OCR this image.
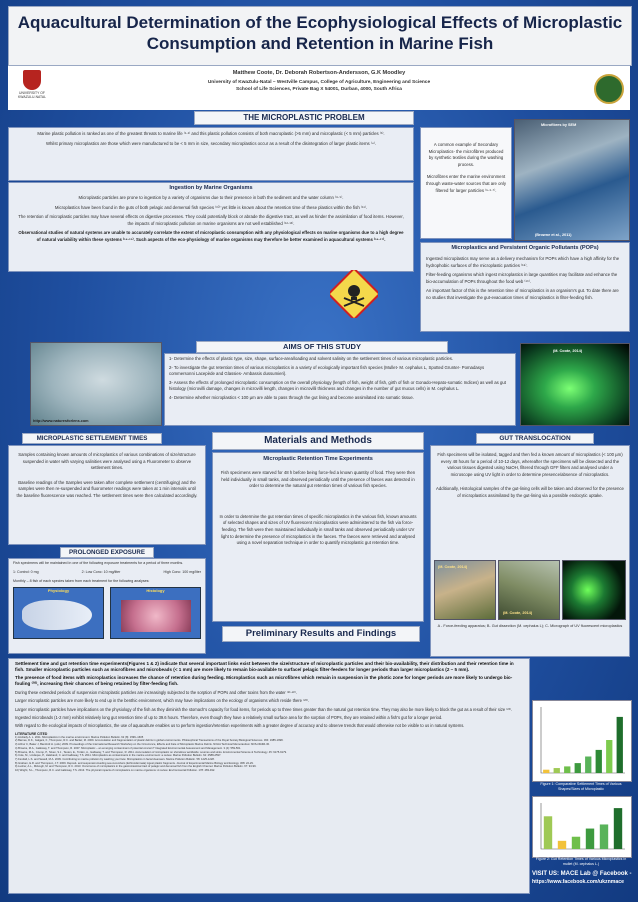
Aquacultural Determination of the Ecophysiological Effects of Microplastic Consumption and Retention in Marine Fish
UNIVERSITY OF KWAZULU-NATAL
Matthew Coote, Dr. Deborah Robertson-Andersson, G.K Moodley
University of KwaZulu-Natal – Westville Campus, College of Agriculture, Engineering and Science
School of Life Sciences, Private Bag X 54001, Durban, 4000, South Africa
THE MICROPLASTIC PROBLEM

Marine plastic pollution is ranked as one of the greatest threats to marine life ⁽¹·²⁾ and this plastic pollution consists of both macroplastic (>5 mm) and microplastic (< 5 mm) particles ⁽³⁾.

Whilst primary microplastics are those which were manufactured to be < 5 mm in size, secondary microplastics occur as a result of the disintegration of larger plastic items ⁽⁴⁾.	A common example of Secondary Microplastics- the microfibres produced by synthetic textiles during the washing process.

Microfibres enter the marine environment through waste-water sources that are only filtered for larger particles ⁽⁵·⁶·⁷⁾.

Microfibres by SEM
(Browne et al., 2011)
Ingestion by Marine Organisms

Microplastic particles are prone to ingestion by a variety of organisms due to their presence in both the sediment and the water column ⁽⁸·⁹⁾.

Microplastics have been found in the guts of both pelagic and demersal fish species ⁽¹⁰⁾ yet little is known about the retention time of these plastics within the fish ⁽¹¹⁾.

The retention of microplastic particles may have several effects on digestive processes. They could potentially block or abrade the digestive tract, as well as hinder the assimilation of food items. However, the impacts of microplastic pollution on marine organisms are not well established ⁽¹²·¹³⁾.

Observational studies of natural systems are unable to accurately correlate the extent of microplastic consumption with any physiological effects on marine organisms due to a high degree of natural variability within these systems ⁽¹⁴·¹⁵⁾. Such aspects of the eco-physiology of marine organisms may therefore be better examined in aquacultural systems ⁽¹⁶·¹⁷⁾.

Microplastics and Persistent Organic Pollutants (POPs)

Ingested microplastics may serve as a delivery mechanism for POPs which have a high affinity for the hydrophobic surfaces of the microplastic particles ⁽¹⁸⁾.

Filter-feeding organisms which ingest microplastics in large quantities may facilitate and enhance the bio-accumulation of POPs throughout the food web ⁽¹⁹⁾.

An important factor of this is the retention time of microplastics in an organism's gut. To date there are no studies that investigate the gut-evacuation times of microplastics in filter-feeding fish.

AIMS OF THIS STUDY

1- Determine the effects of plastic type, size, shape, surface-area/loading and solvent salinity on the settlement times of various microplastic particles.

2- To investigate the gut retention times of various microplastics in a variety of ecologically important fish species (Mullet- M. cephalus L, Spotted Grunter- Pomadasys commersonni Lacepède and Glassies- Ambassis dussumieri).

3- Assess the effects of prolonged microplastic consumption on the overall physiology (length of fish, weight of fish, girth of fish or Gonado-Hepato-somatic Indices) as well as gut histology (microvilli damage, changes in microvilli length, changes in microvilli thickness and changes in the number of gut mucus cells) in M. cephalus L.

4- Determine whether microplastics < 100 µm are able to pass through the gut lining and become assimilated into somatic tissue.

http://www.naturesforlens.com
(M. Coote, 2014)
MICROPLASTIC SETTLEMENT TIMES

Samples containing known amounts of microplastics of various combinations of size/structure suspended in water with varying salinities were analysed using a Fluorometer to observe settlement times.

Baseline readings of the Samples were taken after complete settlement (centrifuging) and the samples were then re-suspended and fluorometer readings were taken at 1 min intervals until the baseline fluorescence was reached. The settlement times were then calculated accordingly.

PROLONGED EXPOSURE

Fish specimens will be maintained in one of the following exposure treatments for a period of three months.

1: Control: 0 mg	2: Low Conc: 10 mg/liter	High Conc: 100 mg/liter

Monthly – 8 fish of each species taken from each treatment for the following analyses:

Physiology	Histology
Materials and Methods
Microplastic Retention Time Experiments

Fish specimens were starved for 48 h before being force-fed a known quantity of food. They were then held individually in small tanks, and observed periodically until the presence of faeces was detected in order to determine the natural gut retention times of various fish species.

In order to determine the gut retention times of specific microplastics in the various fish, known amounts of selected shapes and sizes of UV fluorescent microplastics were administered to the fish via force-feeding. The fish were then maintained individually in small tanks and observed periodically under UV light to determine the presence of microplastics in the faeces. The faeces were retrieved and analysed using a novel separation technique in order to quantify microplastic gut retention time.

GUT TRANSLOCATION

Fish specimens will be isolated, tagged and then fed a known amount of microplastics (< 100 µm) every 48 hours for a period of 10-12 days, whereafter the specimens will be dissected and the various tissues digested using NaOH, filtered through GFF filters and analysed under a microscope using UV light in order to determine presence/absence of microplastics.

Additionally, Histological samples of the gut-lining cells will be taken and observed for the presence of microplastics assimilated by the gut-lining via a possible endocytic uptake.

(M. Coote, 2014)
(M. Coote, 2014)
A - Force-feeding apparatus; B- Gut dissection (M. cephalus L); C- Micrograph of UV fluorescent microplastics
Preliminary Results and Findings

Settlement time and gut retention time experiments(Figures 1 & 2) indicate that several important links exist between the size/structure of microplastic particles and their bio-availability, their distribution and their retention time in fish. Smaller microplastic particles such as microfibres and microbeads (< 1 mm) are more likely to remain bio-available to surface/ pelagic filter-feeders for longer periods than larger microplastics (2 – 5 mm).

The presence of food items with microplastics increases the chance of retention during feeding. Microplastics such as microfibres which remain in suspension in the photic zone for longer periods are more likely to undergo bio-fouling ⁽²⁰⁾, increasing their chances of being retained by filter-feeding fish.

During these extended periods of suspension microplastic particles are increasingly subjected to the sorption of POPs and other toxins from the water ⁽²¹·²²⁾.

Larger microplastic particles are more likely to end up in the benthic environment, which may have implications on the ecology of organisms which reside there ⁽²³⁾.

Larger microplastic particles have implications on the physiology of the fish as they diminish the stomach's capacity for food items, for periods up to three times greater than the natural gut retention time. They may also be more likely to block the gut as a result of their size ⁽²³⁾.

Ingested microbeads (1-2 mm) exhibit relatively long gut retention time of up to 39.6 hours. Therefore, even though they have a relatively small surface area for the sorption of POPs, they are retained within a fish's gut for a longer period.

With regard to the ecological impacts of microplastics, the use of aquaculture enables us to perform ingestion/retention experiments with a greater degree of accuracy and to observe trends that would otherwise not be visible to us in natural systems.

LITERATURE CITED
1) Andrady A. L. 2011. Microplastics in the marine environment. Marine Pollution Bulletin. 62 (8): 1596–1605
2) Barnes, D.K., Galgani, F., Thompson, R.C. and Barlaz, M. 2009. Accumulation and fragmentation of plastic debris in global environments. Philosophical Transactions of the Royal Society Biological Sciences. 364: 1985-1998.
3) Arthur C, Baker J, Bamford H. (eds.) 2009. Proceedings of the International Research Workshop on the Occurrence, Effects and Fate of Microplastic Marine Debris. NOAA Technical Memorandum NOS-OR&R-30.
4) Browne, M.A., Galloway, T. and Thompson, R. 2007. Microplastic – an emerging contaminant of potential concern? Integrated Environmental Assessment and Management. 3 (4): 559-561.
5) Browne, M.A., Crump, P., Niven, S.J., Teuten, E., Tonkin, A., Galloway, T. and Thompson, R. 2011. Accumulation of microplastic on shorelines worldwide: sources and sinks. Environmental Science & Technology. 45: 9175-9179.
6) Cole, M., Lindeque, P., Halsband, C. and Galloway, T.S. 2011. Microplastics as contaminants in the marine environment: a review. Marine Pollution Bulletin. 62: 2588-2597.
7) Fendall, L.S. and Sewell, M.A. 2009. Contributing to marine pollution by washing your face: Microplastics in facial cleansers. Marine Pollution Bulletin. 58: 1225-1228.
8) Graham, E.R. and Thompson, J.T. 2009. Deposit- and suspension-feeding sea cucumbers (Echinodermata) ingest plastic fragments. Journal of Experimental Marine Biology and Ecology. 368: 22-29.
9) Lusher, A.L., McHugh, M. and Thompson, R.C. 2013. Occurrence of microplastics in the gastrointestinal tract of pelagic and demersal fish from the English Channel. Marine Pollution Bulletin. 67: 94-99.
10) Wright, S.L., Thompson, R.C. and Galloway, T.S. 2013. The physical impacts of microplastics on marine organisms: A review. Environmental Pollution. 178: 483-492.
Figure 1: Comparative Settlement Times of Various Shapes/Sizes of Microplastic
Figure 2: Gut Retention Times of Various Microplastics in mullet (M. cephalus L.)
VISIT US: MACE Lab @ Facebook -
https://www.facebook.com/ukznmace
